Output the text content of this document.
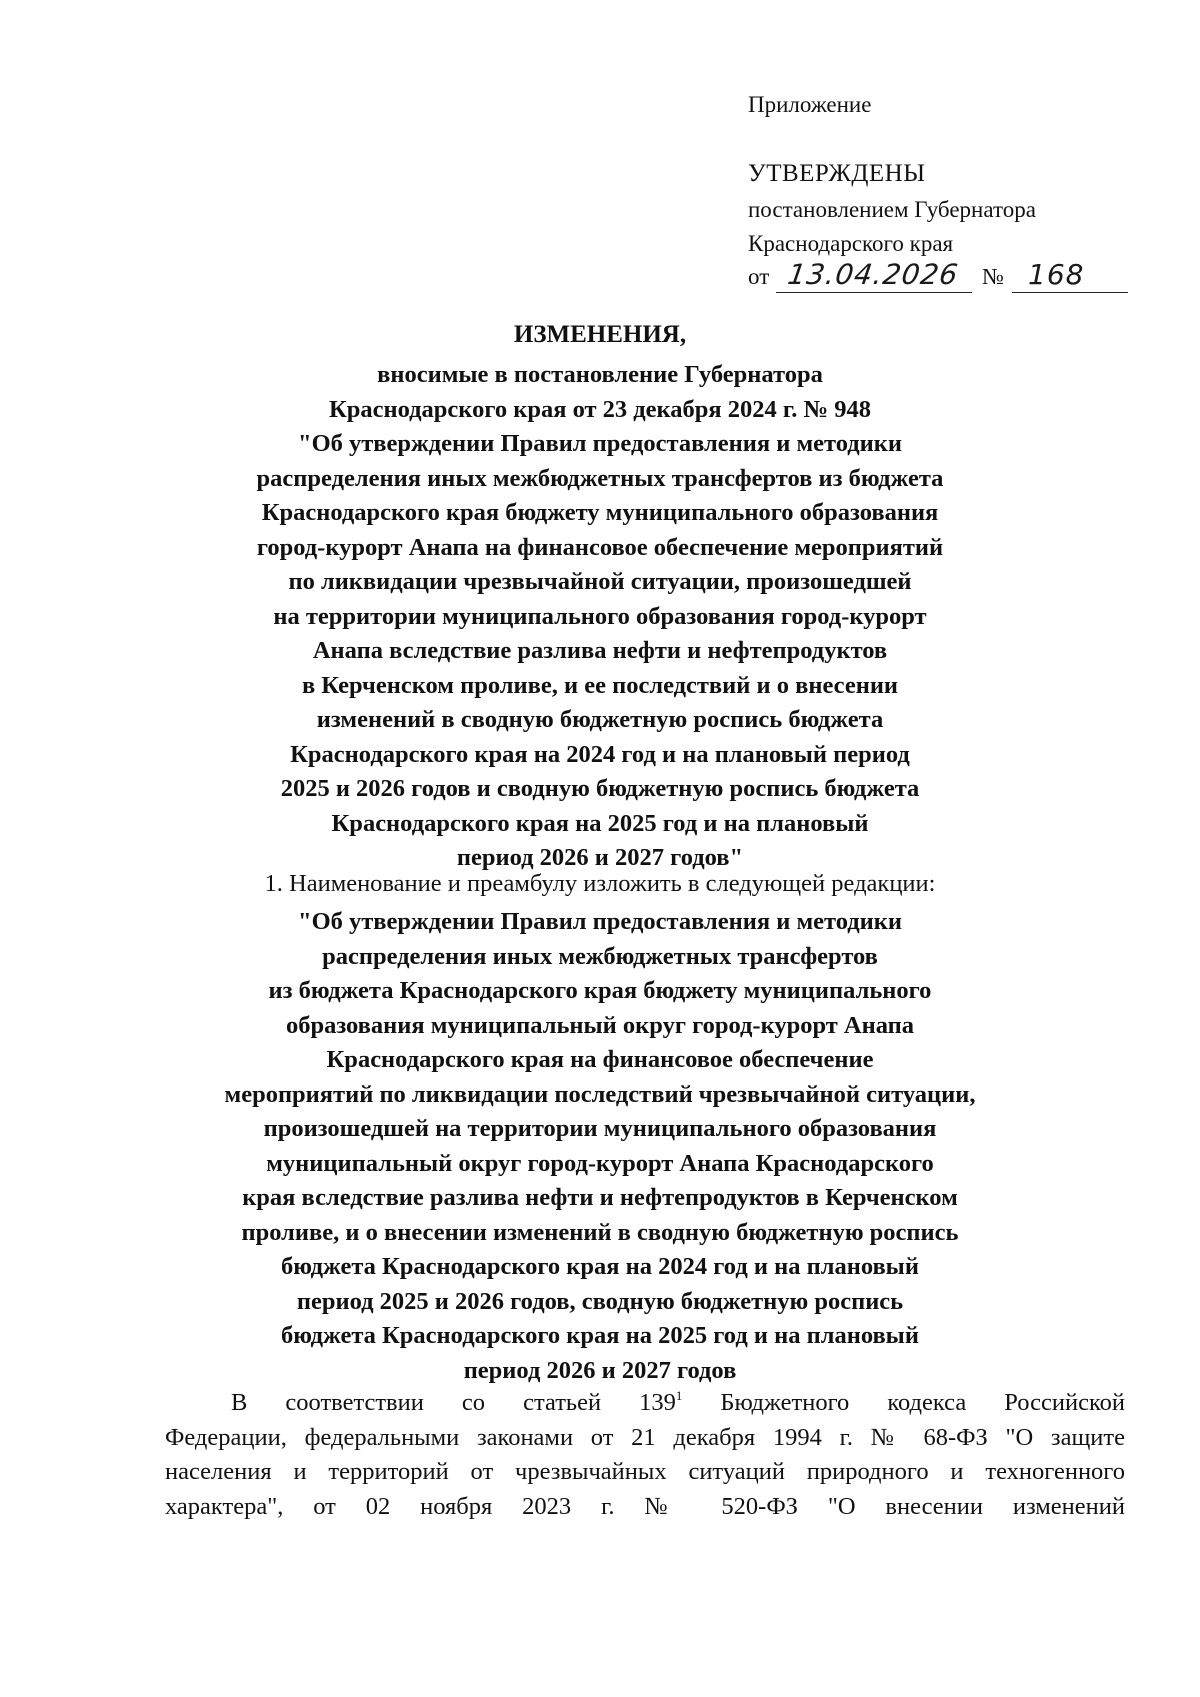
Приложение
УТВЕРЖДЕНЫ
постановлением Губернатора
Краснодарского края
от 13.04.2026 № 168
ИЗМЕНЕНИЯ,
вносимые в постановление Губернатора
Краснодарского края от 23 декабря 2024 г. № 948
"Об утверждении Правил предоставления и методики
распределения иных межбюджетных трансфертов из бюджета
Краснодарского края бюджету муниципального образования
город-курорт Анапа на финансовое обеспечение мероприятий
по ликвидации чрезвычайной ситуации, произошедшей
на территории муниципального образования город-курорт
Анапа вследствие разлива нефти и нефтепродуктов
в Керченском проливе, и ее последствий и о внесении
изменений в сводную бюджетную роспись бюджета
Краснодарского края на 2024 год и на плановый период
2025 и 2026 годов и сводную бюджетную роспись бюджета
Краснодарского края на 2025 год и на плановый
период 2026 и 2027 годов"
1. Наименование и преамбулу изложить в следующей редакции:
"Об утверждении Правил предоставления и методики
распределения иных межбюджетных трансфертов
из бюджета Краснодарского края бюджету муниципального
образования муниципальный округ город-курорт Анапа
Краснодарского края на финансовое обеспечение
мероприятий по ликвидации последствий чрезвычайной ситуации,
произошедшей на территории муниципального образования
муниципальный округ город-курорт Анапа Краснодарского
края вследствие разлива нефти и нефтепродуктов в Керченском
проливе, и о внесении изменений в сводную бюджетную роспись
бюджета Краснодарского края на 2024 год и на плановый
период 2025 и 2026 годов, сводную бюджетную роспись
бюджета Краснодарского края на 2025 год и на плановый
период 2026 и 2027 годов
В соответствии со статьей $139^1$ Бюджетного кодекса Российской
Федерации, федеральными законами от 21 декабря 1994 г. № 68-ФЗ "О защите
населения и территорий от чрезвычайных ситуаций природного и техногенного
характера", от 02 ноября 2023 г. № 520-ФЗ "О внесении изменений
